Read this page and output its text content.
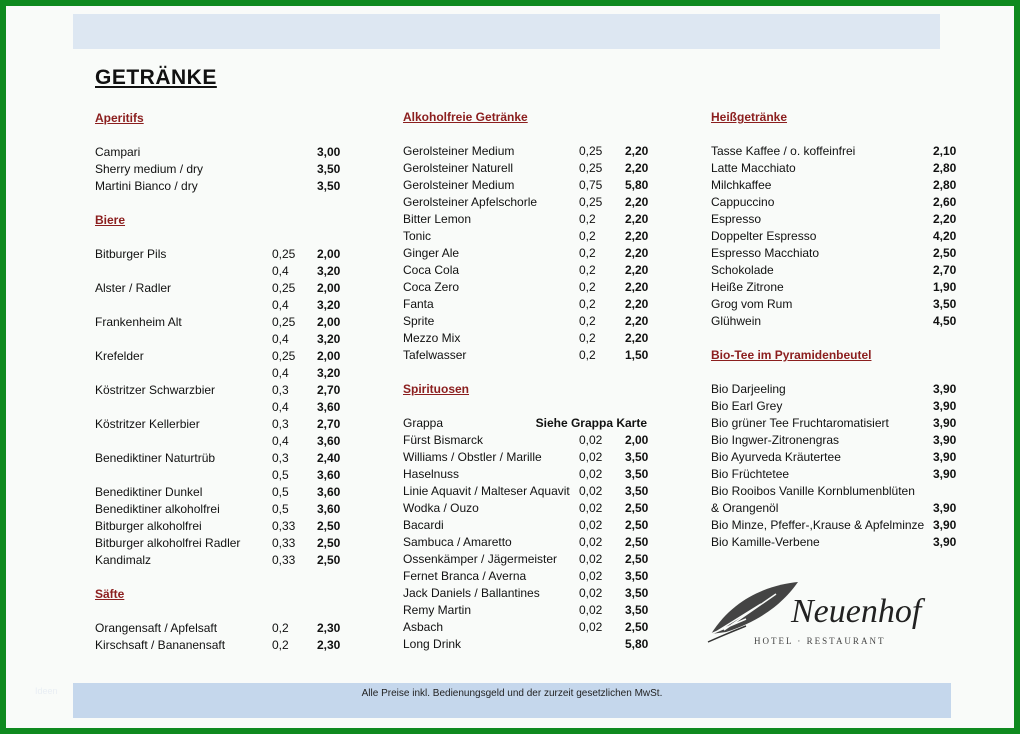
GETRÄNKE
Aperitifs
Campari	3,00
Sherry medium / dry	3,50
Martini Bianco / dry	3,50
Biere
Bitburger Pils	0,25 2,00
0,4 3,20
Alster / Radler	0,25 2,00
0,4 3,20
Frankenheim Alt	0,25 2,00
0,4 3,20
Krefelder	0,25 2,00
0,4 3,20
Köstritzer Schwarzbier	0,3 2,70
0,4 3,60
Köstritzer Kellerbier	0,3 2,70
0,4 3,60
Benediktiner Naturtrüb	0,3 2,40
0,5 3,60
Benediktiner Dunkel	0,5 3,60
Benediktiner alkoholfrei	0,5 3,60
Bitburger alkoholfrei	0,33 2,50
Bitburger alkoholfrei Radler	0,33 2,50
Kandimalz	0,33 2,50
Säfte
Orangensaft / Apfelsaft	0,2 2,30
Kirschsaft / Bananensaft	0,2 2,30
Alkoholfreie Getränke
Gerolsteiner Medium	0,25 2,20
Gerolsteiner Naturell	0,25 2,20
Gerolsteiner Medium	0,75 5,80
Gerolsteiner Apfelschorle	0,25 2,20
Bitter Lemon	0,2 2,20
Tonic	0,2 2,20
Ginger Ale	0,2 2,20
Coca Cola	0,2 2,20
Coca Zero	0,2 2,20
Fanta	0,2 2,20
Sprite	0,2 2,20
Mezzo Mix	0,2 2,20
Tafelwasser	0,2 1,50
Spirituosen
Grappa	Siehe Grappa Karte
Fürst Bismarck	0,02 2,00
Williams / Obstler / Marille	0,02 3,50
Haselnuss	0,02 3,50
Linie Aquavit / Malteser Aquavit 0,02 3,50
Wodka / Ouzo	0,02 2,50
Bacardi	0,02 2,50
Sambuca / Amaretto	0,02 2,50
Ossenkämper / Jägermeister 0,02 2,50
Fernet Branca / Averna	0,02 3,50
Jack Daniels / Ballantines	0,02 3,50
Remy Martin	0,02 3,50
Asbach	0,02 2,50
Long Drink	5,80
Heißgetränke
Tasse Kaffee / o. koffeinfrei	2,10
Latte Macchiato	2,80
Milchkaffee	2,80
Cappuccino	2,60
Espresso	2,20
Doppelter Espresso	4,20
Espresso Macchiato	2,50
Schokolade	2,70
Heiße Zitrone	1,90
Grog vom Rum	3,50
Glühwein	4,50
Bio-Tee im Pyramidenbeutel
Bio Darjeeling	3,90
Bio Earl Grey	3,90
Bio grüner Tee Fruchtaromatisiert	3,90
Bio Ingwer-Zitronengras	3,90
Bio Ayurveda Kräutertee	3,90
Bio Früchtetee	3,90
Bio Rooibos Vanille Kornblumenblüten
& Orangenöl	3,90
Bio Minze, Pfeffer-,Krause & Apfelminze 3,90
Bio Kamille-Verbene	3,90
Neuenhof
HOTEL · RESTAURANT
Ideen	Alle Preise inkl. Bedienungsgeld und der zurzeit gesetzlichen MwSt.
